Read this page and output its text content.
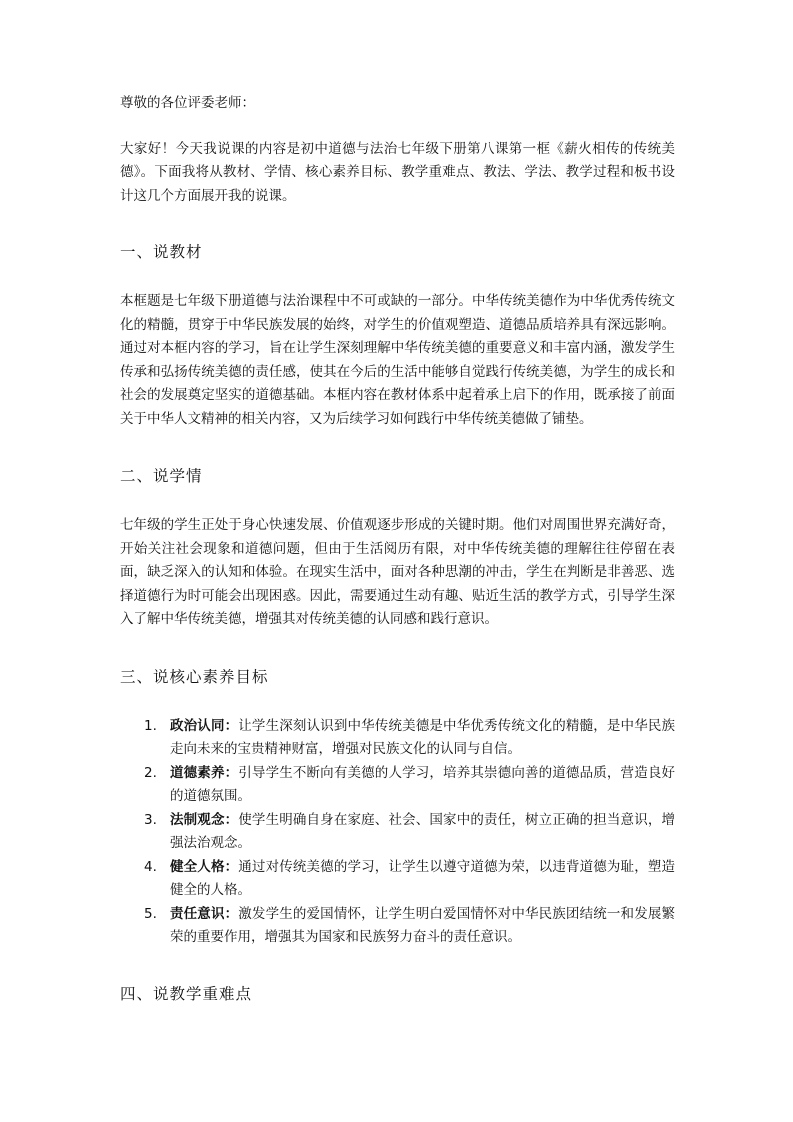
尊敬的各位评委老师：

大家好！今天我说课的内容是初中道德与法治七年级下册第八课第一框《薪火相传的传统美德》。下面我将从教材、学情、核心素养目标、教学重难点、教法、学法、教学过程和板书设计这几个方面展开我的说课。

一、说教材

本框题是七年级下册道德与法治课程中不可或缺的一部分。中华传统美德作为中华优秀传统文化的精髓，贯穿于中华民族发展的始终，对学生的价值观塑造、道德品质培养具有深远影响。通过对本框内容的学习，旨在让学生深刻理解中华传统美德的重要意义和丰富内涵，激发学生传承和弘扬传统美德的责任感，使其在今后的生活中能够自觉践行传统美德，为学生的成长和社会的发展奠定坚实的道德基础。本框内容在教材体系中起着承上启下的作用，既承接了前面关于中华人文精神的相关内容，又为后续学习如何践行中华传统美德做了铺垫。

二、说学情

七年级的学生正处于身心快速发展、价值观逐步形成的关键时期。他们对周围世界充满好奇，开始关注社会现象和道德问题，但由于生活阅历有限，对中华传统美德的理解往往停留在表面，缺乏深入的认知和体验。在现实生活中，面对各种思潮的冲击，学生在判断是非善恶、选择道德行为时可能会出现困惑。因此，需要通过生动有趣、贴近生活的教学方式，引导学生深入了解中华传统美德，增强其对传统美德的认同感和践行意识。

三、说核心素养目标
1. 政治认同：让学生深刻认识到中华传统美德是中华优秀传统文化的精髓，是中华民族走向未来的宝贵精神财富，增强对民族文化的认同与自信。
2. 道德素养：引导学生不断向有美德的人学习，培养其崇德向善的道德品质，营造良好的道德氛围。
3. 法制观念：使学生明确自身在家庭、社会、国家中的责任，树立正确的担当意识，增强法治观念。
4. 健全人格：通过对传统美德的学习，让学生以遵守道德为荣，以违背道德为耻，塑造健全的人格。
5. 责任意识：激发学生的爱国情怀，让学生明白爱国情怀对中华民族团结统一和发展繁荣的重要作用，增强其为国家和民族努力奋斗的责任意识。
四、说教学重难点
